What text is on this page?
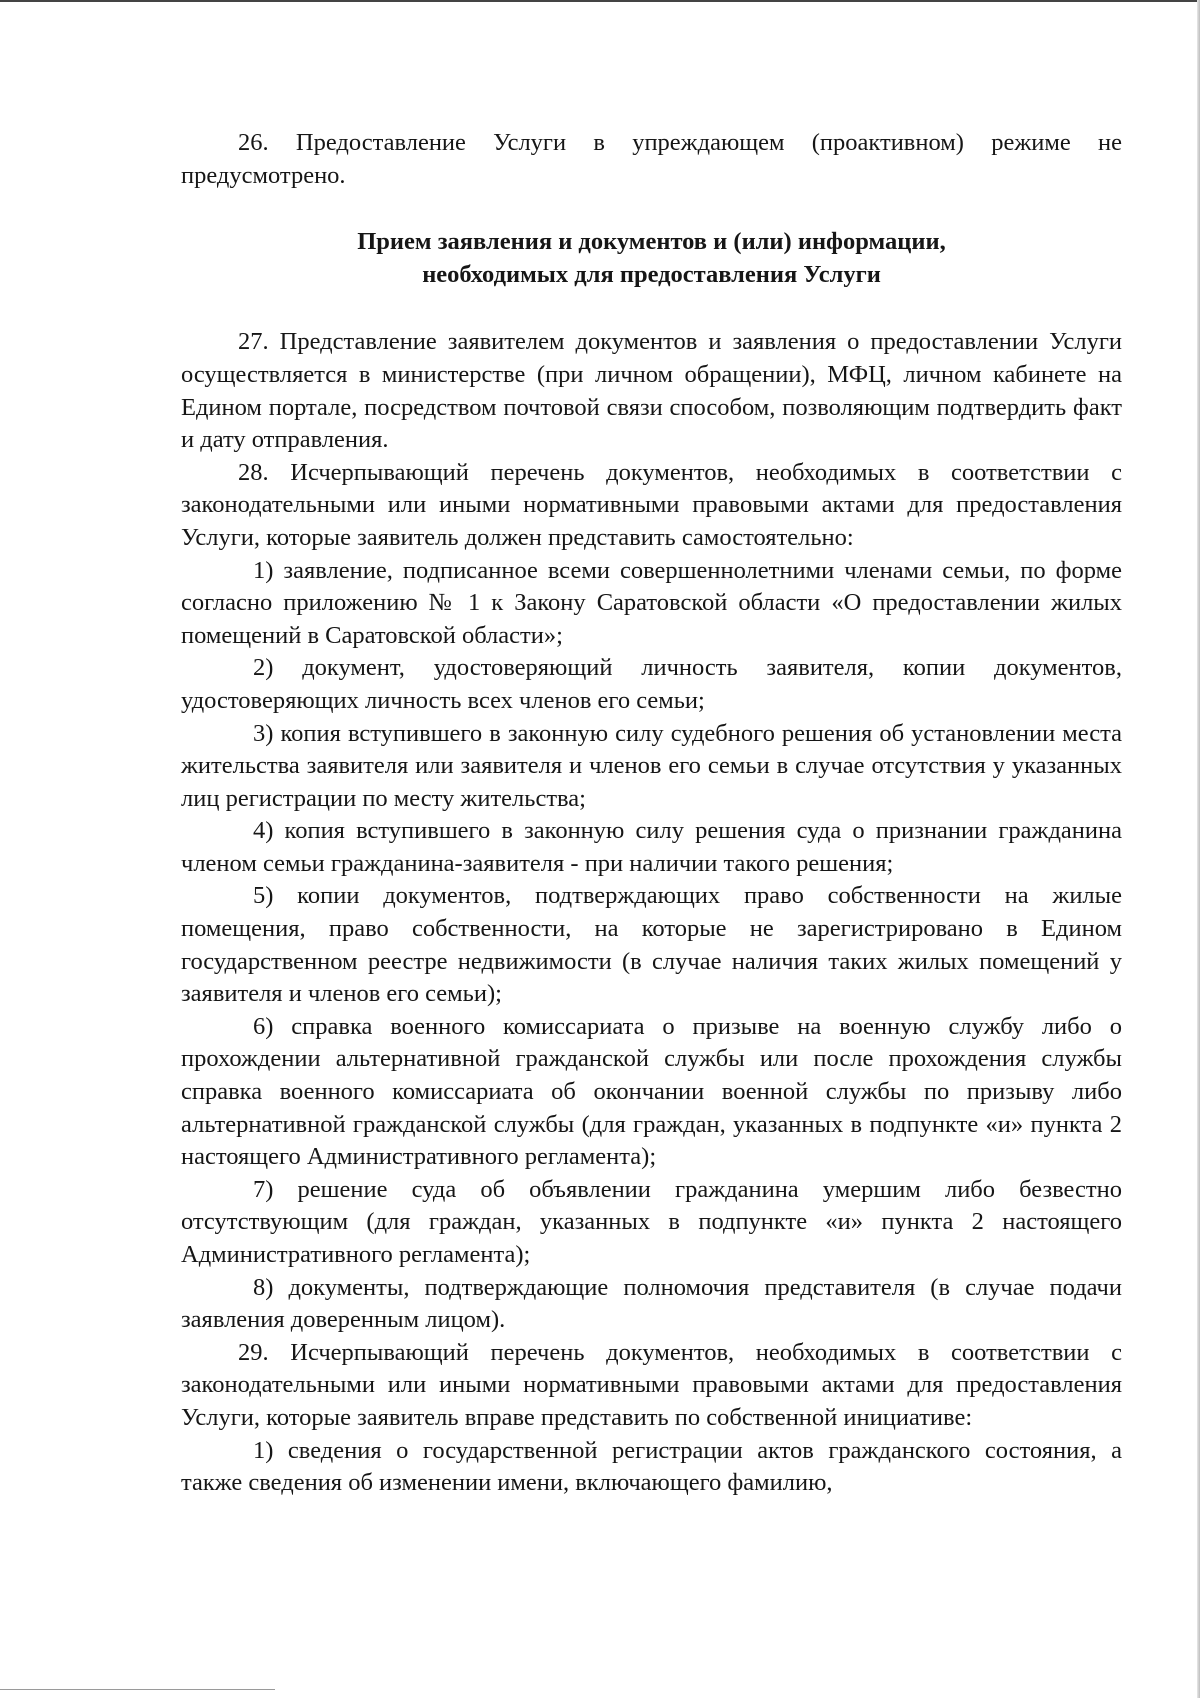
26. Предоставление Услуги в упреждающем (проактивном) режиме не предусмотрено.

Прием заявления и документов и (или) информации,
необходимых для предоставления Услуги

27. Представление заявителем документов и заявления о предоставлении Услуги осуществляется в министерстве (при личном обращении), МФЦ, личном кабинете на Едином портале, посредством почтовой связи способом, позволяющим подтвердить факт и дату отправления.

28. Исчерпывающий перечень документов, необходимых в соответствии с законодательными или иными нормативными правовыми актами для предоставления Услуги, которые заявитель должен представить самостоятельно:

1) заявление, подписанное всеми совершеннолетними членами семьи, по форме согласно приложению № 1 к Закону Саратовской области «О предоставлении жилых помещений в Саратовской области»;

2) документ, удостоверяющий личность заявителя, копии документов, удостоверяющих личность всех членов его семьи;

3) копия вступившего в законную силу судебного решения об установлении места жительства заявителя или заявителя и членов его семьи в случае отсутствия у указанных лиц регистрации по месту жительства;

4) копия вступившего в законную силу решения суда о признании гражданина членом семьи гражданина-заявителя - при наличии такого решения;

5) копии документов, подтверждающих право собственности на жилые помещения, право собственности, на которые не зарегистрировано в Едином государственном реестре недвижимости (в случае наличия таких жилых помещений у заявителя и членов его семьи);

6) справка военного комиссариата о призыве на военную службу либо о прохождении альтернативной гражданской службы или после прохождения службы справка военного комиссариата об окончании военной службы по призыву либо альтернативной гражданской службы (для граждан, указанных в подпункте «и» пункта 2 настоящего Административного регламента);

7) решение суда об объявлении гражданина умершим либо безвестно отсутствующим (для граждан, указанных в подпункте «и» пункта 2 настоящего Административного регламента);

8) документы, подтверждающие полномочия представителя (в случае подачи заявления доверенным лицом).

29. Исчерпывающий перечень документов, необходимых в соответствии с законодательными или иными нормативными правовыми актами для предоставления Услуги, которые заявитель вправе представить по собственной инициативе:

1) сведения о государственной регистрации актов гражданского состояния, а также сведения об изменении имени, включающего фамилию,
